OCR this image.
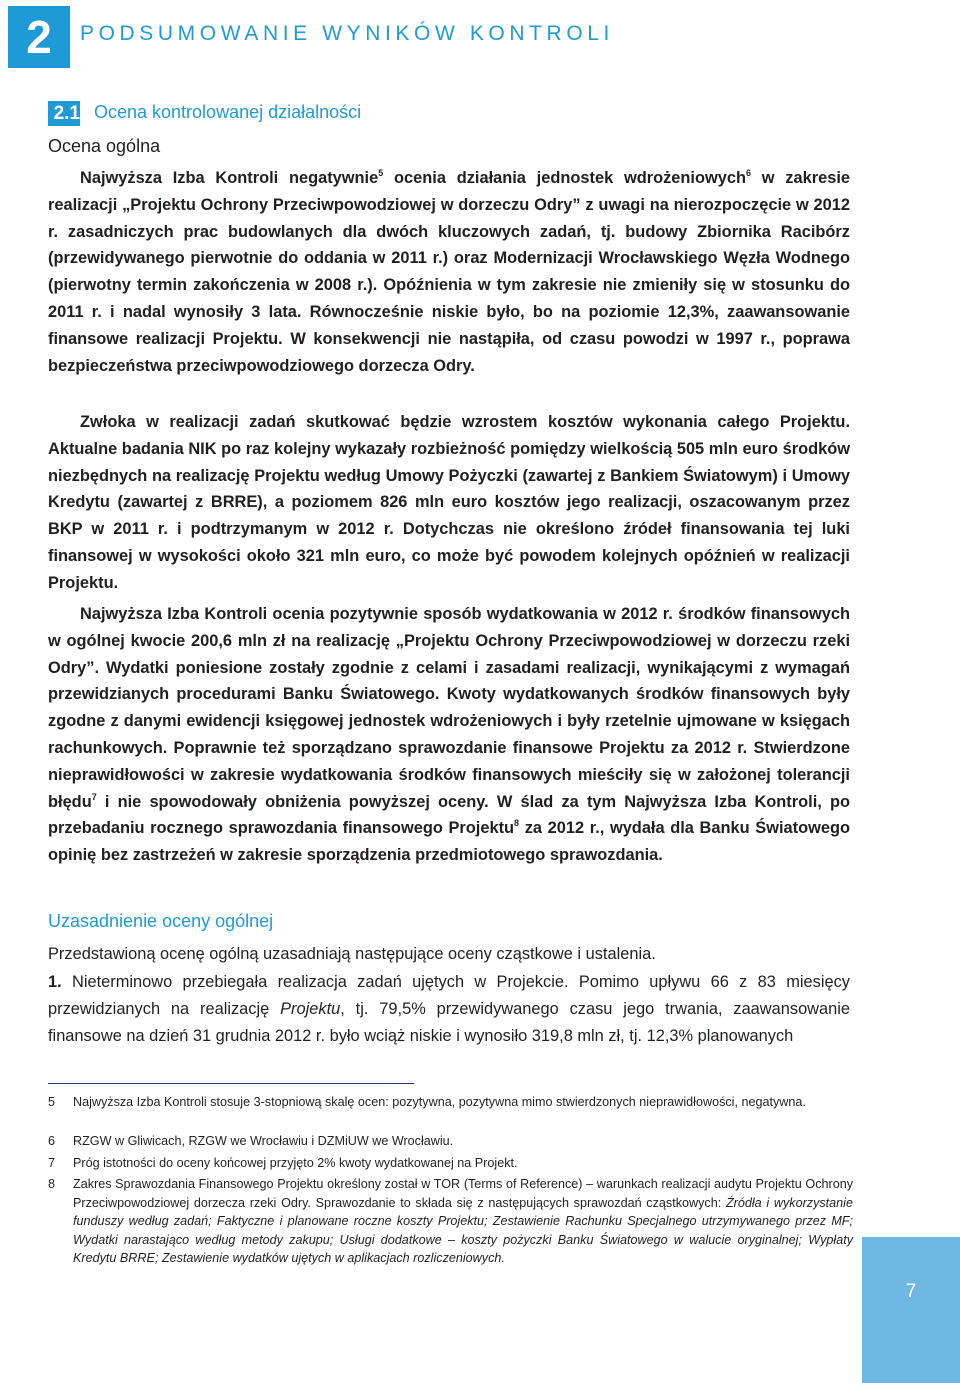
2 PODSUMOWANIE WYNIKÓW KONTROLI
2.1 Ocena kontrolowanej działalności
Ocena ogólna

Najwyższa Izba Kontroli negatywnie$^5$ ocenia działania jednostek wdrożeniowych$^6$ w zakresie realizacji „Projektu Ochrony Przeciwpowodziowej w dorzeczu Odry” z uwagi na nierozpoczęcie w 2012 r. zasadniczych prac budowlanych dla dwóch kluczowych zadań, tj. budowy Zbiornika Racibórz (przewidywanego pierwotnie do oddania w 2011 r.) oraz Modernizacji Wrocławskiego Węzła Wodnego (pierwotny termin zakończenia w 2008 r.). Opóźnienia w tym zakresie nie zmieniły się w stosunku do 2011 r. i nadal wynosiły 3 lata. Równocześnie niskie było, bo na poziomie 12,3%, zaawansowanie finansowe realizacji Projektu. W konsekwencji nie nastąpiła, od czasu powodzi w 1997 r., poprawa bezpieczeństwa przeciwpowodziowego dorzecza Odry.

Zwłoka w realizacji zadań skutkować będzie wzrostem kosztów wykonania całego Projektu. Aktualne badania NIK po raz kolejny wykazały rozbieżność pomiędzy wielkością 505 mln euro środków niezbędnych na realizację Projektu według Umowy Pożyczki (zawartej z Bankiem Światowym) i Umowy Kredytu (zawartej z BRRE), a poziomem 826 mln euro kosztów jego realizacji, oszacowanym przez BKP w 2011 r. i podtrzymanym w 2012 r. Dotychczas nie określono źródeł finansowania tej luki finansowej w wysokości około 321 mln euro, co może być powodem kolejnych opóźnień w realizacji Projektu.

Najwyższa Izba Kontroli ocenia pozytywnie sposób wydatkowania w 2012 r. środków finansowych w ogólnej kwocie 200,6 mln zł na realizację „Projektu Ochrony Przeciwpowodziowej w dorzeczu rzeki Odry”. Wydatki poniesione zostały zgodnie z celami i zasadami realizacji, wynikającymi z wymagań przewidzianych procedurami Banku Światowego. Kwoty wydatkowanych środków finansowych były zgodne z danymi ewidencji księgowej jednostek wdrożeniowych i były rzetelnie ujmowane w księgach rachunkowych. Poprawnie też sporządzano sprawozdanie finansowe Projektu za 2012 r. Stwierdzone nieprawidłowości w zakresie wydatkowania środków finansowych mieściły się w założonej tolerancji błędu$^7$ i nie spowodowały obniżenia powyższej oceny. W ślad za tym Najwyższa Izba Kontroli, po przebadaniu rocznego sprawozdania finansowego Projektu$^8$ za 2012 r., wydała dla Banku Światowego opinię bez zastrzeżeń w zakresie sporządzenia przedmiotowego sprawozdania.

Uzasadnienie oceny ogólnej

Przedstawioną ocenę ogólną uzasadniają następujące oceny cząstkowe i ustalenia.

1. Nieterminowo przebiegała realizacja zadań ujętych w Projekcie. Pomimo upływu 66 z 83 miesięcy przewidzianych na realizację Projektu, tj. 79,5% przewidywanego czasu jego trwania, zaawansowanie finansowe na dzień 31 grudnia 2012 r. było wciąż niskie i wynosiło 319,8 mln zł, tj. 12,3% planowanych

5	Najwyższa Izba Kontroli stosuje 3-stopniową skalę ocen: pozytywna, pozytywna mimo stwierdzonych nieprawidłowości, negatywna.
6	RZGW w Gliwicach, RZGW we Wrocławiu i DZMiUW we Wrocławiu.
7	Próg istotności do oceny końcowej przyjęto 2% kwoty wydatkowanej na Projekt.
8	Zakres Sprawozdania Finansowego Projektu określony został w TOR (Terms of Reference) – warunkach realizacji audytu Projektu Ochrony Przeciwpowodziowej dorzecza rzeki Odry. Sprawozdanie to składa się z następujących sprawozdań cząstkowych: Źródła i wykorzystanie funduszy według zadań; Faktyczne i planowane roczne koszty Projektu; Zestawienie Rachunku Specjalnego utrzymywanego przez MF; Wydatki narastająco według metody zakupu; Usługi dodatkowe – koszty pożyczki Banku Światowego w walucie oryginalnej; Wypłaty Kredytu BRRE; Zestawienie wydatków ujętych w aplikacjach rozliczeniowych.
7
